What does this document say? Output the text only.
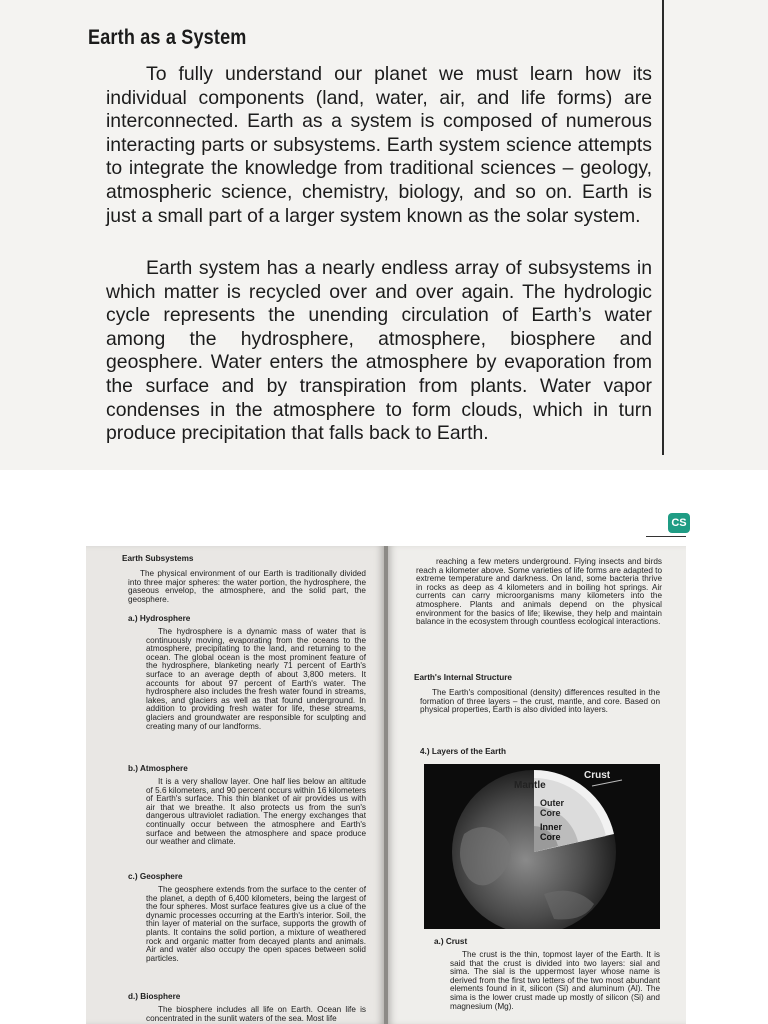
Earth as a System

To fully understand our planet we must learn how its individual components (land, water, air, and life forms) are interconnected. Earth as a system is composed of numerous interacting parts or subsystems. Earth system science attempts to integrate the knowledge from traditional sciences – geology, atmospheric science, chemistry, biology, and so on. Earth is just a small part of a larger system known as the solar system.

Earth system has a nearly endless array of subsystems in which matter is recycled over and over again. The hydrologic cycle represents the unending circulation of Earth’s water among the hydrosphere, atmosphere, biosphere and geosphere. Water enters the atmosphere by evaporation from the surface and by transpiration from plants. Water vapor condenses in the atmosphere to form clouds, which in turn produce precipitation that falls back to Earth.

CS
Earth Subsystems
The physical environment of our Earth is traditionally divided into three major spheres: the water portion, the hydrosphere, the gaseous envelop, the atmosphere, and the solid part, the geosphere.
a.) Hydrosphere
The hydrosphere is a dynamic mass of water that is continuously moving, evaporating from the oceans to the atmosphere, precipitating to the land, and returning to the ocean. The global ocean is the most prominent feature of the hydrosphere, blanketing nearly 71 percent of Earth's surface to an average depth of about 3,800 meters. It accounts for about 97 percent of Earth's water. The hydrosphere also includes the fresh water found in streams, lakes, and glaciers as well as that found underground. In addition to providing fresh water for life, these streams, glaciers and groundwater are responsible for sculpting and creating many of our landforms.
b.) Atmosphere
It is a very shallow layer. One half lies below an altitude of 5.6 kilometers, and 90 percent occurs within 16 kilometers of Earth's surface. This thin blanket of air provides us with air that we breathe. It also protects us from the sun's dangerous ultraviolet radiation. The energy exchanges that continually occur between the atmosphere and Earth's surface and between the atmosphere and space produce our weather and climate.
c.) Geosphere
The geosphere extends from the surface to the center of the planet, a depth of 6,400 kilometers, being the largest of the four spheres. Most surface features give us a clue of the dynamic processes occurring at the Earth's interior. Soil, the thin layer of material on the surface, supports the growth of plants. It contains the solid portion, a mixture of weathered rock and organic matter from decayed plants and animals. Air and water also occupy the open spaces between solid particles.
d.) Biosphere
The biosphere includes all life on Earth. Ocean life is concentrated in the sunlit waters of the sea. Most life
reaching a few meters underground. Flying insects and birds reach a kilometer above. Some varieties of life forms are adapted to extreme temperature and darkness. On land, some bacteria thrive in rocks as deep as 4 kilometers and in boiling hot springs. Air currents can carry microorganisms many kilometers into the atmosphere. Plants and animals depend on the physical environment for the basics of life; likewise, they help and maintain balance in the ecosystem through countless ecological interactions.
Earth's Internal Structure
The Earth's compositional (density) differences resulted in the formation of three layers – the crust, mantle, and core. Based on physical properties, Earth is also divided into layers.
4.) Layers of the Earth
Crust
Mantle
Outer Core
Inner Core
a.) Crust
The crust is the thin, topmost layer of the Earth. It is said that the crust is divided into two layers: sial and sima. The sial is the uppermost layer whose name is derived from the first two letters of the two most abundant elements found in it, silicon (Si) and aluminum (Al). The sima is the lower crust made up mostly of silicon (Si) and magnesium (Mg).
